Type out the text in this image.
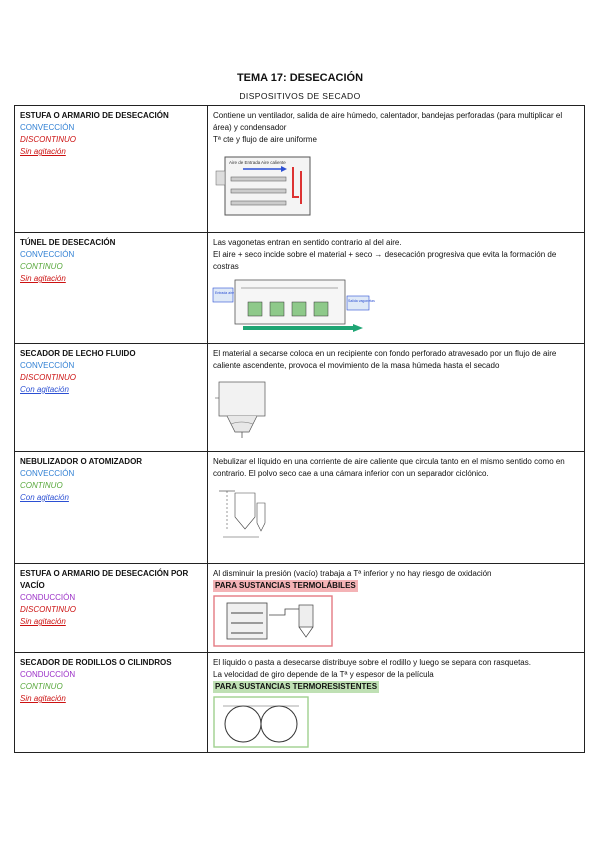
TEMA 17: DESECACIÓN
DISPOSITIVOS DE SECADO
ESTUFA O ARMARIO DE DESECACIÓN
CONVECCIÓN
DISCONTINUO
Sin agitación	Contiene un ventilador, salida de aire húmedo, calentador, bandejas perforadas (para multiplicar el área) y condensador
Tª cte y flujo de aire uniforme
Aire de Entrada Aire caliente

TÚNEL DE DESECACIÓN
CONVECCIÓN
CONTINUO
Sin agitación	Las vagonetas entran en sentido contrario al del aire.
El aire + seco incide sobre el material + seco → desecación progresiva que evita la formación de costras
Entrada aire
Salida vagonetas

SECADOR DE LECHO FLUIDO
CONVECCIÓN
DISCONTINUO
Con agitación	El material a secarse coloca en un recipiente con fondo perforado atravesado por un flujo de aire caliente ascendente, provoca el movimiento de la masa húmeda hasta el secado

NEBULIZADOR O ATOMIZADOR
CONVECCIÓN
CONTINUO
Con agitación	Nebulizar el líquido en una corriente de aire caliente que circula tanto en el mismo sentido como en contrario. El polvo seco cae a una cámara inferior con un separador ciclónico.

ESTUFA O ARMARIO DE DESECACIÓN POR VACÍO
CONDUCCIÓN
DISCONTINUO
Sin agitación	Al disminuir la presión (vacío) trabaja a Tª inferior y no hay riesgo de oxidación
PARA SUSTANCIAS TERMOLÁBILES

SECADOR DE RODILLOS O CILINDROS
CONDUCCIÓN
CONTINUO
Sin agitación	El líquido o pasta a desecarse distribuye sobre el rodillo y luego se separa con rasquetas.
La velocidad de giro depende de la Tª y espesor de la película
PARA SUSTANCIAS TERMORESISTENTES
